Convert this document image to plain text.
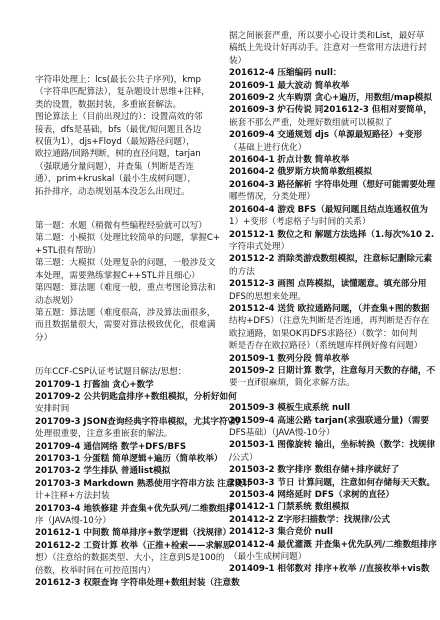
字符串处理上：lcs(最长公共子序列)，kmp
（字符串匹配算法），复杂题设计思维+注释，
类的设置，数据封装，多重嵌套解法。
图论算法上（目前出现过的）：设置高效的邻
接表，dfs是基础，bfs（最优/短问题且各边
权值为1），djs+Floyd（最短路径问题），
欧拉通路/回路判断，树的直径问题，tarjan
（强联通分量问题），并查集（判断是否连
通），prim+kruskal（最小生成树问题），
拓扑排序，动态规划基本没怎么出现过。
第一题：水题（稍微有些编程经验就可以写）
第二题：小模拟（处理比较简单的问题，掌握C+
+STL很有帮助）
第三题：大模拟（处理复杂的问题，一般涉及文
本处理，需要熟练掌握C++STL并且细心）
第四题：算法题（难度一般，重点考图论算法和
动态规划）
第五题：算法题（难度很高，涉及算法面很多，
而且数据量很大，需要对算法极致优化，很难满
分）
历年CCF-CSP认证考试题目解法/思想：
201709-1 打酱油 贪心+数学
201709-2 公共钥匙盒排序+数组模拟，分析好如何
安排时间
201709-3 JSON查询经典字符串模拟，尤其字符\的
处理很重要，注意多重嵌套的解法。
201709-4 通信网络 数学+DFS/BFS
201703-1 分蛋糕 简单逻辑+遍历（简单枚举）
201703-2 学生排队 普通list模拟
201703-3 Markdown 熟悉使用字符串方法 注意设计
计+注释+方法封装
201703-4 地铁修建 并查集+优先队列/二维数组排
序（JAVA慢-10分）
201612-1 中间数 简单排序+数学逻辑（找规律）
201612-2 工资计算 枚举（正推+检索——求解思
想）（注意给的数据类型、大小，注意到S是100的
倍数，枚举时间在可控范围内）
201612-3 权限查询 字符串处理+数组封装（注意数
据之间嵌套严重，所以要小心设计类和List，最好草
稿纸上先设计好再动手。注意对一些常用方法进行封
装）
201612-4 压缩编码 null：
201609-1 最大波动 简单枚举
201609-2 火车购票 贪心+遍历，用数组/map模拟
201609-3 炉石传说 同201612-3 但相对要简单，
嵌套不那么严重，处理好数组就可以模拟了
201609-4 交通规划 djs（单源最短路径）+变形
（基础上进行优化）
201604-1 折点计数 简单枚举
201604-2 俄罗斯方块简单数组模拟
201604-3 路径解析 字符串处理（想好可能需要处理
哪些情况，分类处理）
201604-4 游戏 BFS（最短问题且结点连通权值为
1）+变形（考虑格子与时间的关系）
201512-1 数位之和 解题方法选择（1.每次%10 2.
字符串式处理）
201512-2 消除类游戏数组模拟，注意标记删除元素
的方法
201512-3 画图 点阵模拟，读懂题意。填充部分用
DFS的思想来处理。
201512-4 送货 欧拉通路问题，（并查集+图的数据
结构+DFS）（注意先判断是否连通，再判断是否存在
欧拉通路，如果OK再DFS求路径）（数学：如何判
断是否存在欧拉路径）（系统题库样例好像有问题）
201509-1 数列分段 简单枚举
201509-2 日期计算 数学，注意每月天数的存储，不
要一直if很麻烦，简化求解方法。

201509-3 模板生成系统 null
201509-4 高速公路 tarjan(求强联通分量)（需要
DFS基础）（JAVA慢-10分）
201503-1 图像旋转 输出，坐标转换（数学：找规律
/公式）
201503-2 数字排序 数组存储+排序就好了
201503-3 节日 计算问题，注意如何存储每天天数。
201503-4 网络延时 DFS（求树的直径）
201412-1 门禁系统 数组模拟
201412-2 Z字形扫描数学：找规律/公式
201412-3 集合竞价 null
201412-4 最优灌溉 并查集+优先队列/二维数组排序
（最小生成树问题）
201409-1 相邻数对 排序+枚举 //直接枚举+vis数
